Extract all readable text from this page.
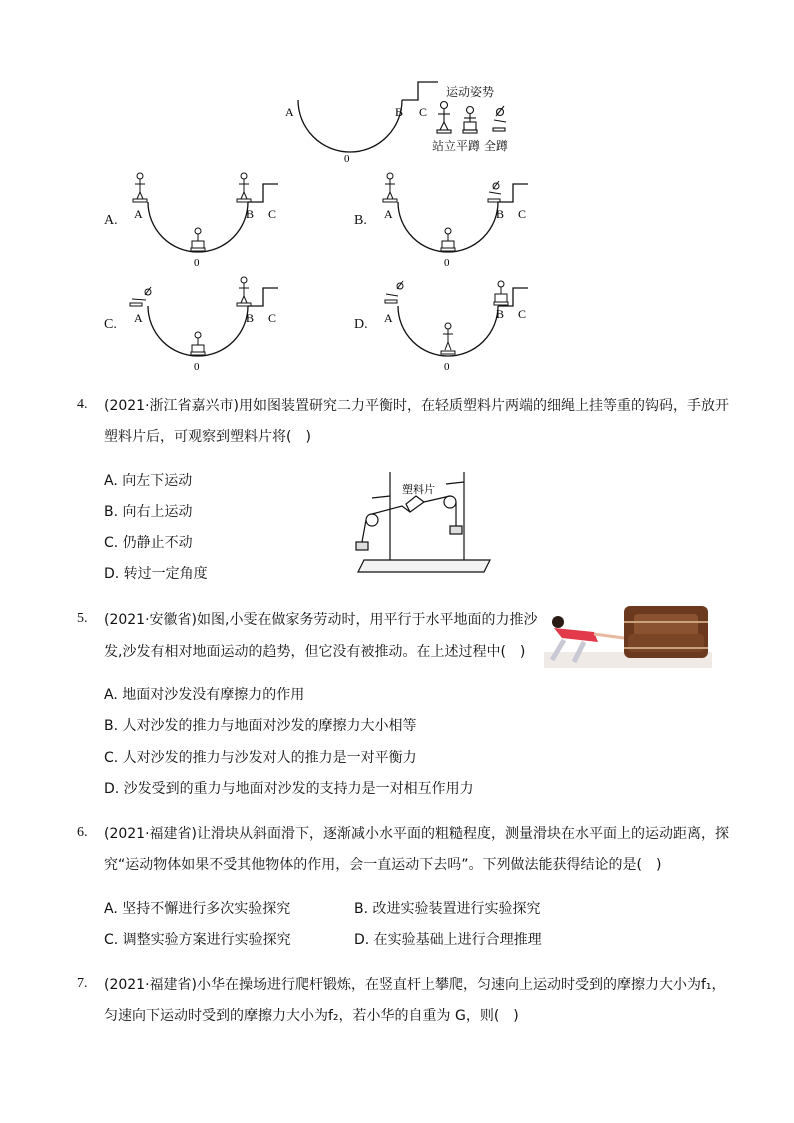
A	B C
0
运动姿势
站立平蹲 全蹲
A. A	B C
0
B. A	B C
0
C. A	B C
0
D. A	B C
0
4. (2021·浙江省嘉兴市)用如图装置研究二力平衡时，在轻质塑料片两端的细绳上挂等重的钩码，手放开
塑料片后，可观察到塑料片将(　)
A. 向左下运动
B. 向右上运动
C. 仍静止不动
D. 转过一定角度
塑料片
5. (2021·安徽省)如图,小雯在做家务劳动时，用平行于水平地面的力推沙
发,沙发有相对地面运动的趋势，但它没有被推动。在上述过程中(　)
A. 地面对沙发没有摩擦力的作用
B. 人对沙发的推力与地面对沙发的摩擦力大小相等
C. 人对沙发的推力与沙发对人的推力是一对平衡力
D. 沙发受到的重力与地面对沙发的支持力是一对相互作用力
6. (2021·福建省)让滑块从斜面滑下，逐渐减小水平面的粗糙程度，测量滑块在水平面上的运动距离，探
究“运动物体如果不受其他物体的作用，会一直运动下去吗”。下列做法能获得结论的是(　)
A. 坚持不懈进行多次实验探究	B. 改进实验装置进行实验探究
C. 调整实验方案进行实验探究	D. 在实验基础上进行合理推理
7. (2021·福建省)小华在操场进行爬杆锻炼，在竖直杆上攀爬，匀速向上运动时受到的摩擦力大小为f₁，
匀速向下运动时受到的摩擦力大小为f₂，若小华的自重为 G，则(　)
